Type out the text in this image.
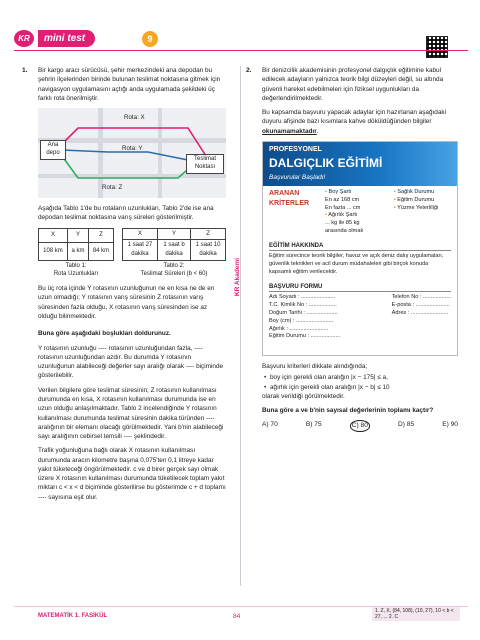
KR	mini test	9
1. Bir kargo aracı sürücüsü, şehir merkezindeki ana depodan bu şehrin ilçelerinden birinde bulunan teslimat noktasına gitmek için navigasyon uygulamasını açtığı anda uygulamada şekildeki üç farklı rota önerilmiştir.

Ana depo
Teslimat Noktası
Rota: X
Rota: Y
Rota: Z

Aşağıda Tablo 1'de bu rotaların uzunlukları, Tablo 2'de ise ana depodan teslimat noktasına varış süreleri gösterilmiştir.

X	Y	Z
108 km	a km	84 km
X	Y	Z
1 saat 27 dakika	1 saat b dakika	1 saat 10 dakika
Tablo 1:
Rota Uzunlukları
Tablo 2:
Teslimat Süreleri (b < 60)

Bu üç rota içinde Y rotasının uzunluğunun ne en kısa ne de en uzun olmadığı; Y rotasının varış süresinin Z rotasının varış süresinden fazla olduğu, X rotasının varış süresinden ise az olduğu bilinmektedir.

Buna göre aşağıdaki boşlukları doldurunuz.

Y rotasının uzunluğu ---- rotasının uzunluğundan fazla, ---- rotasının uzunluğundan azdır. Bu durumda Y rotasının uzunluğunun alabileceği değerler sayı aralığı olarak ---- biçiminde gösterilebilir.

Verilen bilgilere göre teslimat süresinin; Z rotasının kullanılması durumunda en kısa, X rotasının kullanılması durumunda ise en uzun olduğu anlaşılmaktadır. Tablo 2 incelendiğinde Y rotasının kullanılması durumunda teslimat süresinin dakika türünden ---- aralığının bir elemanı olacağı görülmektedir. Yani b'nin alabileceği sayı aralığının cebirsel temsili ---- şeklindedir.

Trafik yoğunluğuna bağlı olarak X rotasının kullanılması durumunda aracın kilometre başına 0,075'ten 0,1 litreye kadar yakıt tüketeceği öngörülmektedir. c ve d birer gerçek sayı olmak üzere X rotasının kullanılması durumunda tüketilecek toplam yakıt miktarı c < x < d biçiminde gösterilirse bu gösterimde c + d toplamı ---- sayısına eşit olur.

KR Akademi
2. Bir denizcilik akademisinin profesyonel dalgıçlık eğitimine kabul edilecek adayların yalnızca teorik bilgi düzeyleri değil, su altında güvenli hareket edebilmeleri için fiziksel uygunlukları da değerlendirilmektedir.

Bu kapsamda başvuru yapacak adaylar için hazırlanan aşağıdaki duyuru afişinde bazı kısımlara kahve döküldüğünden bilgiler okunamamaktadır.

PROFESYONEL
DALGIÇLIK EĞİTİMİ
Başvurular Başladı!
ARANAN KRİTERLER
• Boy Şartı
En az 168 cm
En fazla ... cm
• Ağırlık Şartı
... kg ile 85 kg
arasında olmak
• Sağlık Durumu
• Eğitim Durumu
• Yüzme Yeterliliği
EĞİTİM HAKKINDA
Eğitim sürecince teorik bilgiler, havuz ve açık deniz dalış uygulamaları, güvenlik teknikleri ve acil durum müdahaleleri gibi birçok konuda kapsamlı eğitim verilecektir.
BAŞVURU FORMU
Adı Soyadı : ......................
T.C. Kimlik No : ..................
Doğum Tarihi : ....................
Boy (cm) : ........................
Ağırlık : .........................
Eğitim Durumu : ...................
Telefon No : ..................
E-posta : ......................
Adres : ........................

Başvuru kriterleri dikkate alındığında;

• boy için gerekli olan aralığın |x − 175| ≤ a,
• ağırlık için gerekli olan aralığın |x − b| ≤ 10

olarak verildiği görülmektedir.

Buna göre a ve b'nin sayısal değerlerinin toplamı kaçtır?

A) 70	B) 75	C) 80	D) 85	E) 90
MATEMATİK 1. FASİKÜL	84
1. Z, X, (84, 108), (10, 27), 10 < b < 27, ... 2. C
